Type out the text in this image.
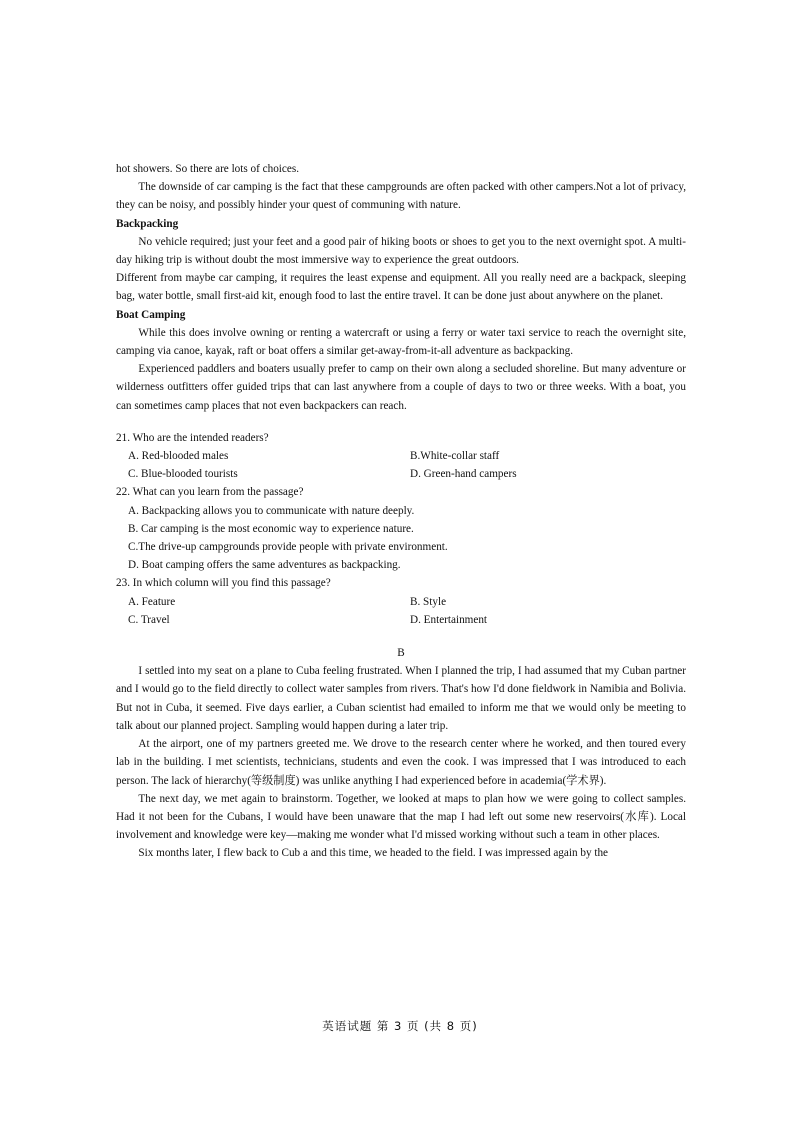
hot showers. So there are lots of choices.

The downside of car camping is the fact that these campgrounds are often packed with other campers.Not a lot of privacy, they can be noisy, and possibly hinder your quest of communing with nature.

Backpacking

No vehicle required; just your feet and a good pair of hiking boots or shoes to get you to the next overnight spot. A multi-day hiking trip is without doubt the most immersive way to experience the great outdoors.

Different from maybe car camping, it requires the least expense and equipment. All you really need are a backpack, sleeping bag, water bottle, small first-aid kit, enough food to last the entire travel. It can be done just about anywhere on the planet.

Boat Camping

While this does involve owning or renting a watercraft or using a ferry or water taxi service to reach the overnight site, camping via canoe, kayak, raft or boat offers a similar get-away-from-it-all adventure as backpacking.

Experienced paddlers and boaters usually prefer to camp on their own along a secluded shoreline. But many adventure or wilderness outfitters offer guided trips that can last anywhere from a couple of days to two or three weeks. With a boat, you can sometimes camp places that not even backpackers can reach.

21. Who are the intended readers?

A. Red-blooded males	B.White-collar staff
C. Blue-blooded tourists	D. Green-hand campers

22. What can you learn from the passage?

A. Backpacking allows you to communicate with nature deeply.

B. Car camping is the most economic way to experience nature.

C.The drive-up campgrounds provide people with private environment.

D. Boat camping offers the same adventures as backpacking.

23. In which column will you find this passage?

A. Feature	B. Style
C. Travel	D. Entertainment

B

I settled into my seat on a plane to Cuba feeling frustrated. When I planned the trip, I had assumed that my Cuban partner and I would go to the field directly to collect water samples from rivers. That's how I'd done fieldwork in Namibia and Bolivia. But not in Cuba, it seemed. Five days earlier, a Cuban scientist had emailed to inform me that we would only be meeting to talk about our planned project. Sampling would happen during a later trip.

At the airport, one of my partners greeted me. We drove to the research center where he worked, and then toured every lab in the building. I met scientists, technicians, students and even the cook. I was impressed that I was introduced to each person. The lack of hierarchy(等级制度) was unlike anything I had experienced before in academia(学术界).

The next day, we met again to brainstorm. Together, we looked at maps to plan how we were going to collect samples. Had it not been for the Cubans, I would have been unaware that the map I had left out some new reservoirs(水库). Local involvement and knowledge were key—making me wonder what I'd missed working without such a team in other places.

Six months later, I flew back to Cub a and this time, we headed to the field. I was impressed again by the

英语试题 第 3 页 (共 8 页)
